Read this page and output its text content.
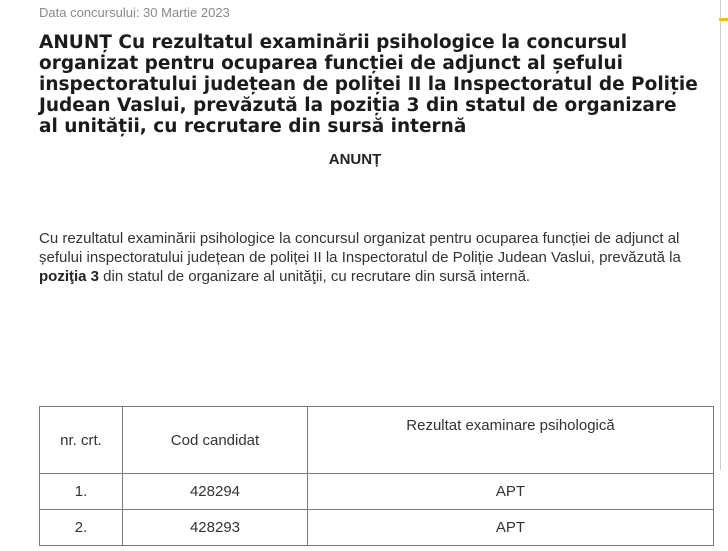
Data concursului: 30 Martie 2023
ANUNȚ Cu rezultatul examinării psihologice la concursul organizat pentru ocuparea funcției de adjunct al șefului inspectoratului județean de poliței II la Inspectoratul de Poliție Judean Vaslui, prevăzută la poziția 3 din statul de organizare al unității, cu recrutare din sursă internă
ANUNȚ

Cu rezultatul examinării psihologice la concursul organizat pentru ocuparea funcției de adjunct al șefului inspectoratului județean de poliței II la Inspectoratul de Poliție Judean Vaslui, prevăzută la poziţia 3 din statul de organizare al unităţii, cu recrutare din sursă internă.

nr. crt.	Cod candidat	Rezultat examinare psihologică
1.	428294	APT
2.	428293	APT
